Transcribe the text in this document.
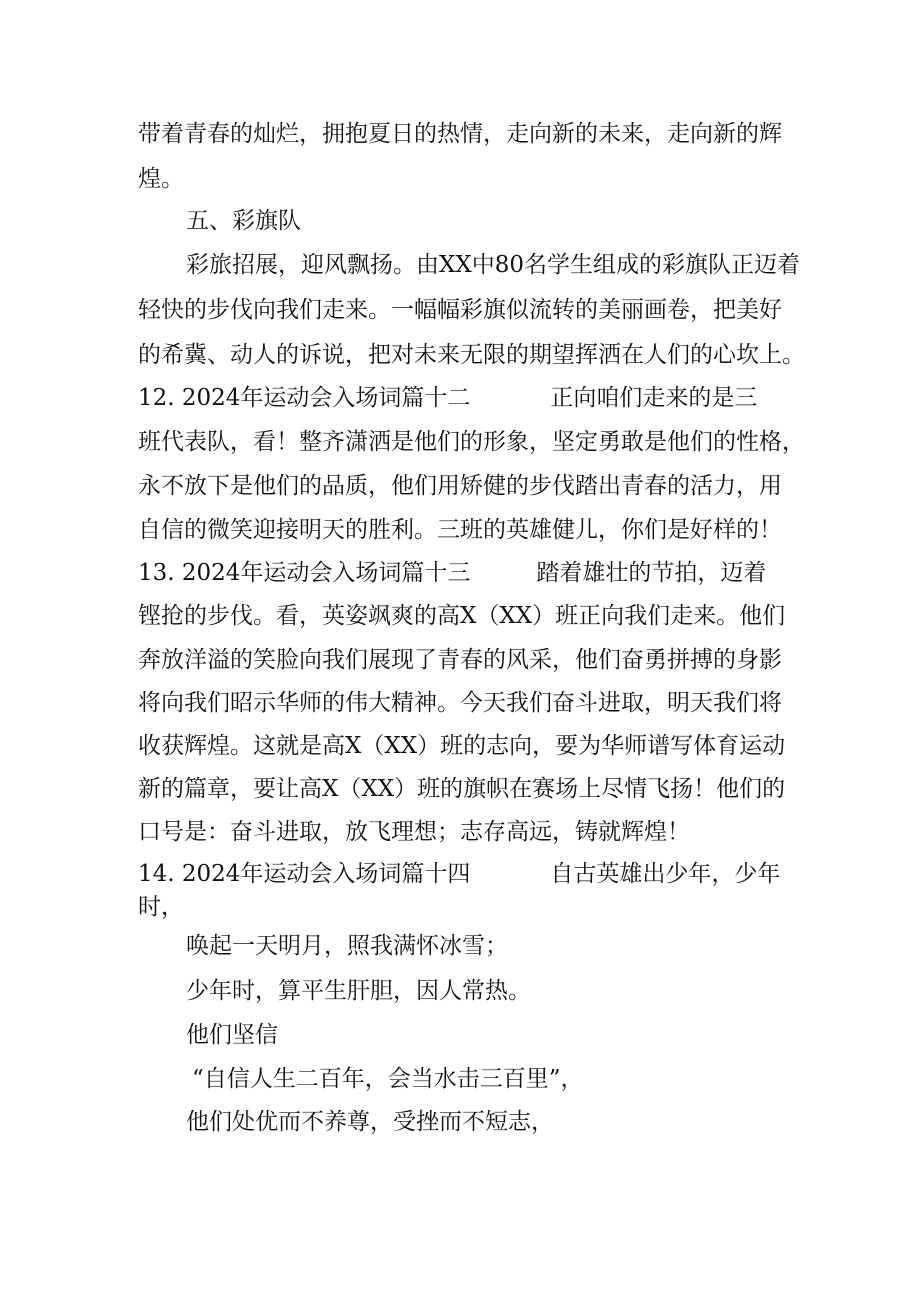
带着青春的灿烂，拥抱夏日的热情，走向新的未来，走向新的辉
煌。
五、彩旗队
彩旅招展，迎风飘扬。由XX中80名学生组成的彩旗队正迈着
轻快的步伐向我们走来。一幅幅彩旗似流转的美丽画卷，把美好
的希冀、动人的诉说，把对未来无限的期望挥洒在人们的心坎上。
12. 2024年运动会入场词篇十二	正向咱们走来的是三
班代表队，看！整齐潇洒是他们的形象，坚定勇敢是他们的性格，
永不放下是他们的品质，他们用矫健的步伐踏出青春的活力，用
自信的微笑迎接明天的胜利。三班的英雄健儿，你们是好样的！
13. 2024年运动会入场词篇十三	踏着雄壮的节拍，迈着
铿抢的步伐。看，英姿飒爽的高X（XX）班正向我们走来。他们
奔放洋溢的笑脸向我们展现了青春的风采，他们奋勇拼搏的身影
将向我们昭示华师的伟大精神。今天我们奋斗进取，明天我们将
收获辉煌。这就是高X（XX）班的志向，要为华师谱写体育运动
新的篇章，要让高X（XX）班的旗帜在赛场上尽情飞扬！他们的
口号是：奋斗进取，放飞理想；志存高远，铸就辉煌！
14. 2024年运动会入场词篇十四	自古英雄出少年，少年
时，
唤起一天明月，照我满怀冰雪；
少年时，算平生肝胆，因人常热。
他们坚信
“自信人生二百年，会当水击三百里”，
他们处优而不养尊，受挫而不短志，
